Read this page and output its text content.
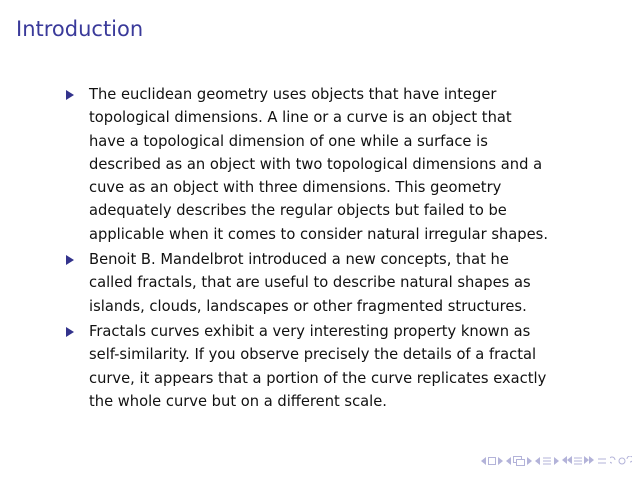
Introduction
The euclidean geometry uses objects that have integer
topological dimensions. A line or a curve is an object that
have a topological dimension of one while a surface is
described as an object with two topological dimensions and a
cuve as an object with three dimensions. This geometry
adequately describes the regular objects but failed to be
applicable when it comes to consider natural irregular shapes.
Benoit B. Mandelbrot introduced a new concepts, that he
called fractals, that are useful to describe natural shapes as
islands, clouds, landscapes or other fragmented structures.
Fractals curves exhibit a very interesting property known as
self-similarity. If you observe precisely the details of a fractal
curve, it appears that a portion of the curve replicates exactly
the whole curve but on a different scale.
